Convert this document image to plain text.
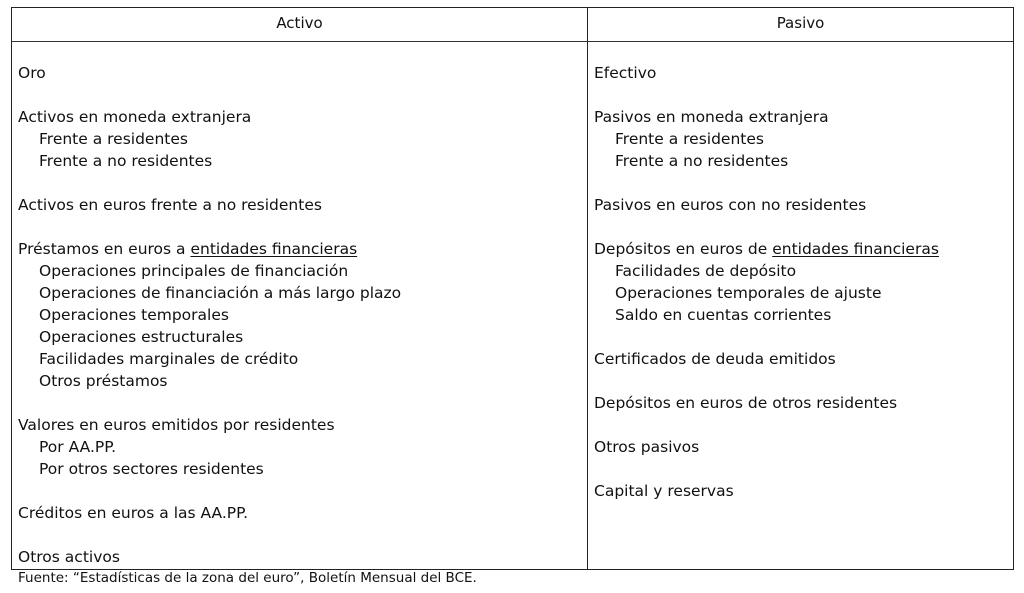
Activo	Pasivo
Oro
Activos en moneda extranjera
Frente a residentes
Frente a no residentes
Activos en euros frente a no residentes
Préstamos en euros a entidades financieras
Operaciones principales de financiación
Operaciones de financiación a más largo plazo
Operaciones temporales
Operaciones estructurales
Facilidades marginales de crédito
Otros préstamos
Valores en euros emitidos por residentes
Por AA.PP.
Por otros sectores residentes
Créditos en euros a las AA.PP.
Otros activos
Efectivo
Pasivos en moneda extranjera
Frente a residentes
Frente a no residentes
Pasivos en euros con no residentes
Depósitos en euros de entidades financieras
Facilidades de depósito
Operaciones temporales de ajuste
Saldo en cuentas corrientes
Certificados de deuda emitidos
Depósitos en euros de otros residentes
Otros pasivos
Capital y reservas
Fuente: “Estadísticas de la zona del euro”, Boletín Mensual del BCE.
